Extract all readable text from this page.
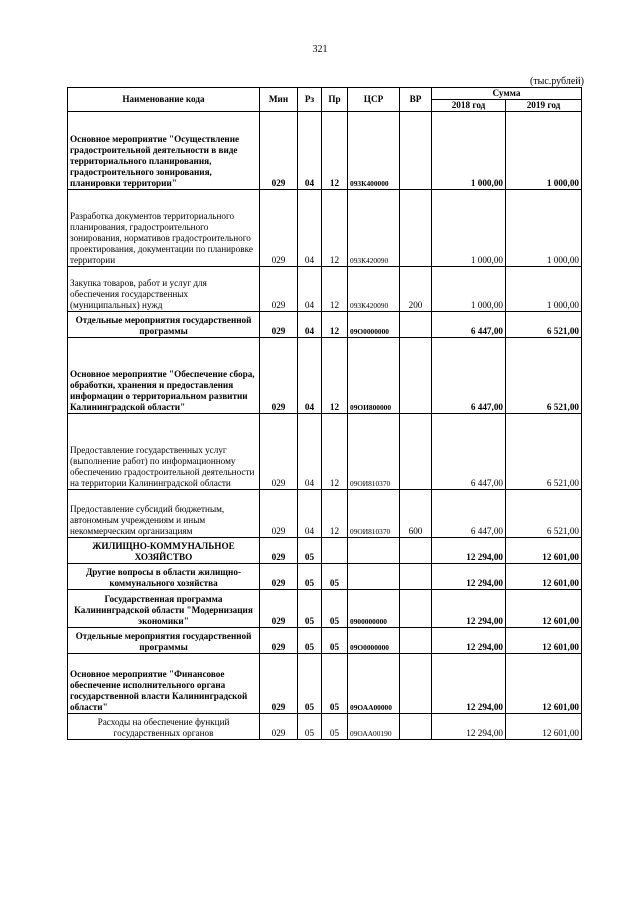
321
(тыс.рублей)
Наименование кода	Мин	Рз	Пр	ЦСР	ВР	Сумма	
						2018 год	2019 год
Основное мероприятие "Осуществление градостроительной деятельности в виде территориального планирования, градостроительного зонирования, планировки территории"	029	04	12	093К400000		1 000,00	1 000,00
Разработка документов территориального планирования, градостроительного зонирования, нормативов градостроительного проектирования, документации по планировке территории	029	04	12	093К420090		1 000,00	1 000,00
Закупка товаров, работ и услуг для обеспечения государственных (муниципальных) нужд	029	04	12	093К420090	200	1 000,00	1 000,00
Отдельные мероприятия государственной программы	029	04	12	09О0000000		6 447,00	6 521,00
Основное мероприятие "Обеспечение сбора, обработки, хранения и предоставления информации о территориальном развитии Калининградской области"	029	04	12	09ОИ800000		6 447,00	6 521,00
Предоставление государственных услуг (выполнение работ) по информационному обеспечению градостроительной деятельности на территории Калининградской области	029	04	12	09ОИ810370		6 447,00	6 521,00
Предоставление субсидий бюджетным, автономным учреждениям и иным некоммерческим организациям	029	04	12	09ОИ810370	600	6 447,00	6 521,00
ЖИЛИЩНО-КОММУНАЛЬНОЕ ХОЗЯЙСТВО	029	05				12 294,00	12 601,00
Другие вопросы в области жилищно-коммунального хозяйства	029	05	05			12 294,00	12 601,00
Государственная программа Калининградской области "Модернизация экономики"	029	05	05	0900000000		12 294,00	12 601,00
Отдельные мероприятия государственной программы	029	05	05	09О0000000		12 294,00	12 601,00
Основное мероприятие "Финансовое обеспечение исполнительного органа государственной власти Калининградской области"	029	05	05	09ОАА00000		12 294,00	12 601,00
Расходы на обеспечение функций государственных органов	029	05	05	09ОАА00190		12 294,00	12 601,00
